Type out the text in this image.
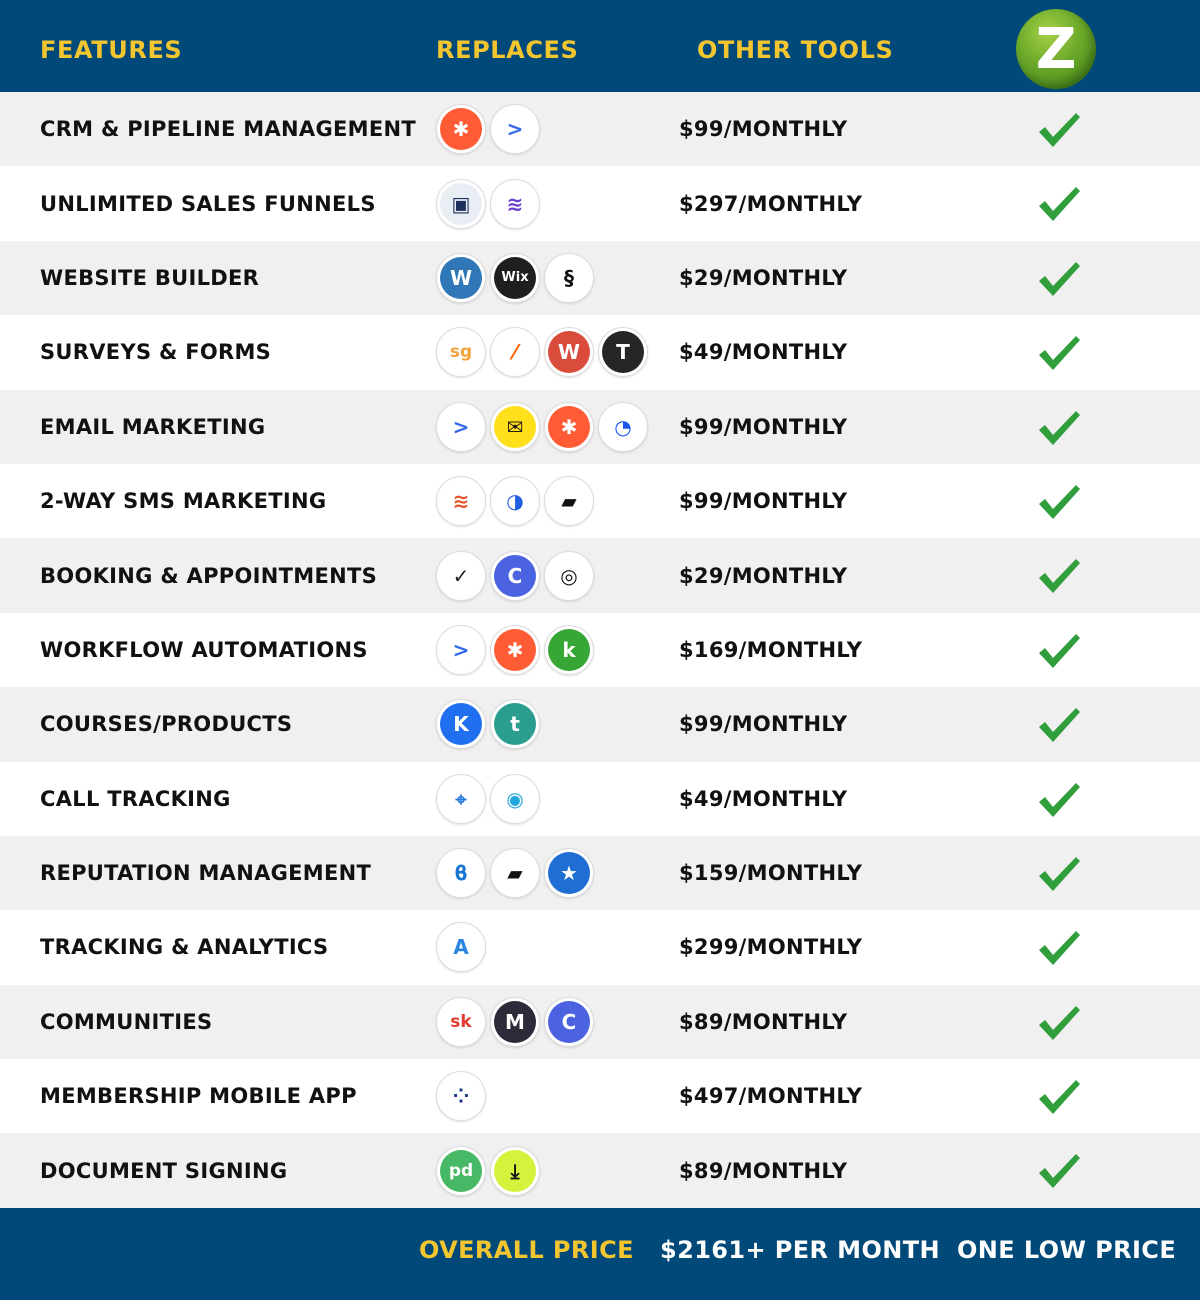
FEATURES	REPLACES	OTHER TOOLS	Z
CRM & PIPELINE MANAGEMENT	✱	>	$99/MONTHLY
UNLIMITED SALES FUNNELS	▣	≋	$297/MONTHLY
WEBSITE BUILDER	W	Wix	§	$29/MONTHLY
SURVEYS & FORMS	sg	⁄	W	T	$49/MONTHLY
EMAIL MARKETING	>	✉	✱	◔	$99/MONTHLY
2-WAY SMS MARKETING	≋	◑	▰	$99/MONTHLY
BOOKING & APPOINTMENTS	✓	C	◎	$29/MONTHLY
WORKFLOW AUTOMATIONS	>	✱	k	$169/MONTHLY
COURSES/PRODUCTS	K	t	$99/MONTHLY
CALL TRACKING	⌖	◉	$49/MONTHLY
REPUTATION MANAGEMENT	ϐ	▰	★	$159/MONTHLY
TRACKING & ANALYTICS	A	$299/MONTHLY
COMMUNITIES	sk	M	C	$89/MONTHLY
MEMBERSHIP MOBILE APP	⁘	$497/MONTHLY
DOCUMENT SIGNING	pd	⤓	$89/MONTHLY
OVERALL PRICE $2161+ PER MONTH ONE LOW PRICE
